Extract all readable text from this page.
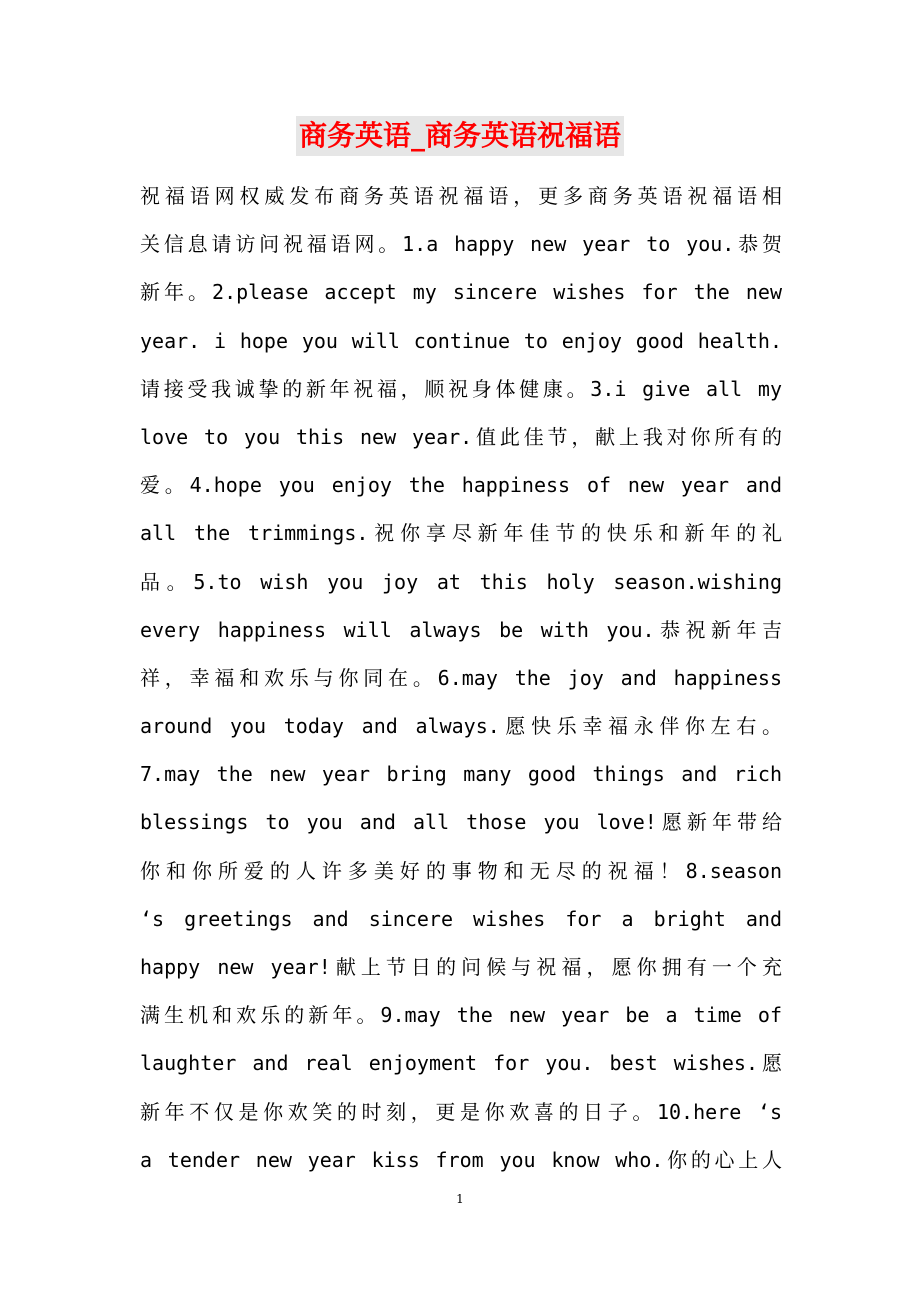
商务英语_商务英语祝福语
祝福语网权威发布商务英语祝福语，更多商务英语祝福语相
关信息请访问祝福语网。1.a happy new year to you.恭贺
新年。2.please accept my sincere wishes for the new
year. i hope you will continue to enjoy good health.
请接受我诚挚的新年祝福，顺祝身体健康。3.i give all my
love to you this new year.值此佳节，献上我对你所有的
爱。4.hope you enjoy the happiness of new year and
all the trimmings.祝你享尽新年佳节的快乐和新年的礼
品。5.to wish you joy at this holy season.wishing
every happiness will always be with you.恭祝新年吉
祥，幸福和欢乐与你同在。6.may the joy and happiness
around you today and always.愿快乐幸福永伴你左右。
7.may the new year bring many good things and rich
blessings to you and all those you love!愿新年带给
你和你所爱的人许多美好的事物和无尽的祝福！8.season
‘s greetings and sincere wishes for a bright and
happy new year!献上节日的问候与祝福，愿你拥有一个充
满生机和欢乐的新年。9.may the new year be a time of
laughter and real enjoyment for you. best wishes.愿
新年不仅是你欢笑的时刻，更是你欢喜的日子。10.here ‘s
a tender new year kiss from you know who.你的心上人
1
